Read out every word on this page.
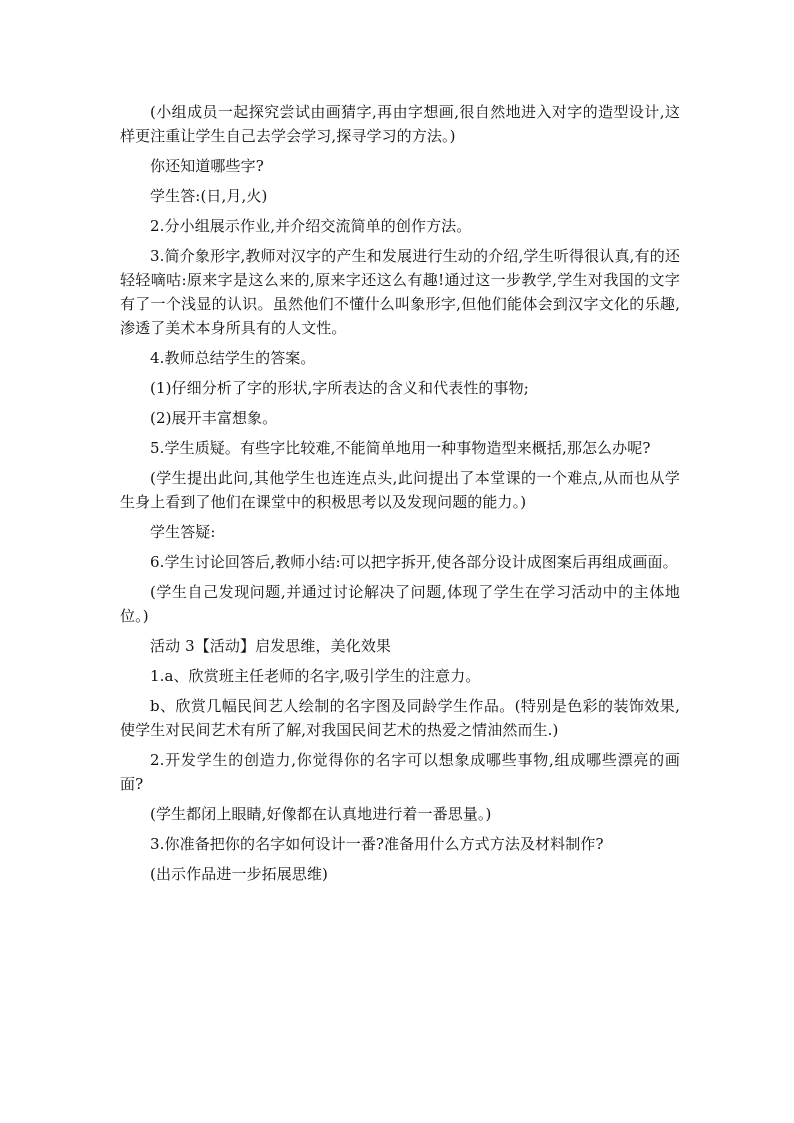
(小组成员一起探究尝试由画猜字,再由字想画,很自然地进入对字的造型设计,这样更注重让学生自己去学会学习,探寻学习的方法。)

你还知道哪些字?

学生答:(日,月,火)

2.分小组展示作业,并介绍交流简单的创作方法。

3.简介象形字,教师对汉字的产生和发展进行生动的介绍,学生听得很认真,有的还轻轻嘀咕:原来字是这么来的,原来字还这么有趣!通过这一步教学,学生对我国的文字有了一个浅显的认识。虽然他们不懂什么叫象形字,但他们能体会到汉字文化的乐趣,渗透了美术本身所具有的人文性。

4.教师总结学生的答案。

(1)仔细分析了字的形状,字所表达的含义和代表性的事物;

(2)展开丰富想象。

5.学生质疑。有些字比较难,不能简单地用一种事物造型来概括,那怎么办呢?

(学生提出此问,其他学生也连连点头,此问提出了本堂课的一个难点,从而也从学生身上看到了他们在课堂中的积极思考以及发现问题的能力。)

学生答疑:

6.学生讨论回答后,教师小结:可以把字拆开,使各部分设计成图案后再组成画面。

(学生自己发现问题,并通过讨论解决了问题,体现了学生在学习活动中的主体地位。)

活动 3【活动】启发思维，美化效果

1.a、欣赏班主任老师的名字,吸引学生的注意力。

b、欣赏几幅民间艺人绘制的名字图及同龄学生作品。(特别是色彩的装饰效果,使学生对民间艺术有所了解,对我国民间艺术的热爱之情油然而生.)

2.开发学生的创造力,你觉得你的名字可以想象成哪些事物,组成哪些漂亮的画面?

(学生都闭上眼睛,好像都在认真地进行着一番思量。)

3.你准备把你的名字如何设计一番?准备用什么方式方法及材料制作?

(出示作品进一步拓展思维)
